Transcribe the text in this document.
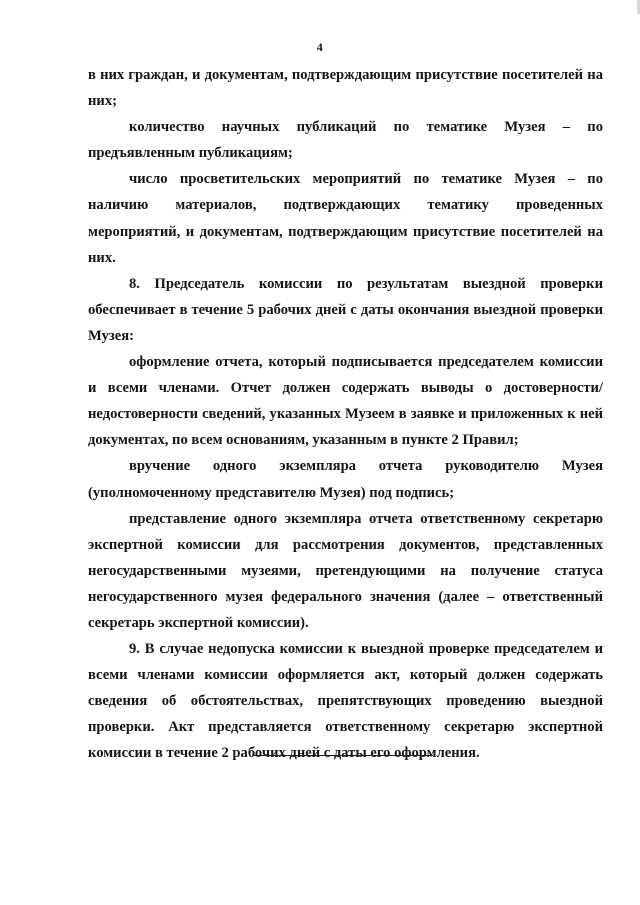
4

в них граждан, и документам, подтверждающим присутствие посетителей на них;

количество научных публикаций по тематике Музея – по предъявленным публикациям;

число просветительских мероприятий по тематике Музея – по наличию материалов, подтверждающих тематику проведенных мероприятий, и документам, подтверждающим присутствие посетителей на них.

8. Председатель комиссии по результатам выездной проверки обеспечивает в течение 5 рабочих дней с даты окончания выездной проверки Музея:

оформление отчета, который подписывается председателем комиссии и всеми членами. Отчет должен содержать выводы о достоверности/ недостоверности сведений, указанных Музеем в заявке и приложенных к ней документах, по всем основаниям, указанным в пункте 2 Правил;

вручение одного экземпляра отчета руководителю Музея (уполномоченному представителю Музея) под подпись;

представление одного экземпляра отчета ответственному секретарю экспертной комиссии для рассмотрения документов, представленных негосударственными музеями, претендующими на получение статуса негосударственного музея федерального значения (далее – ответственный секретарь экспертной комиссии).

9. В случае недопуска комиссии к выездной проверке председателем и всеми членами комиссии оформляется акт, который должен содержать сведения об обстоятельствах, препятствующих проведению выездной проверки. Акт представляется ответственному секретарю экспертной комиссии в течение 2 рабочих дней с даты его оформления.
